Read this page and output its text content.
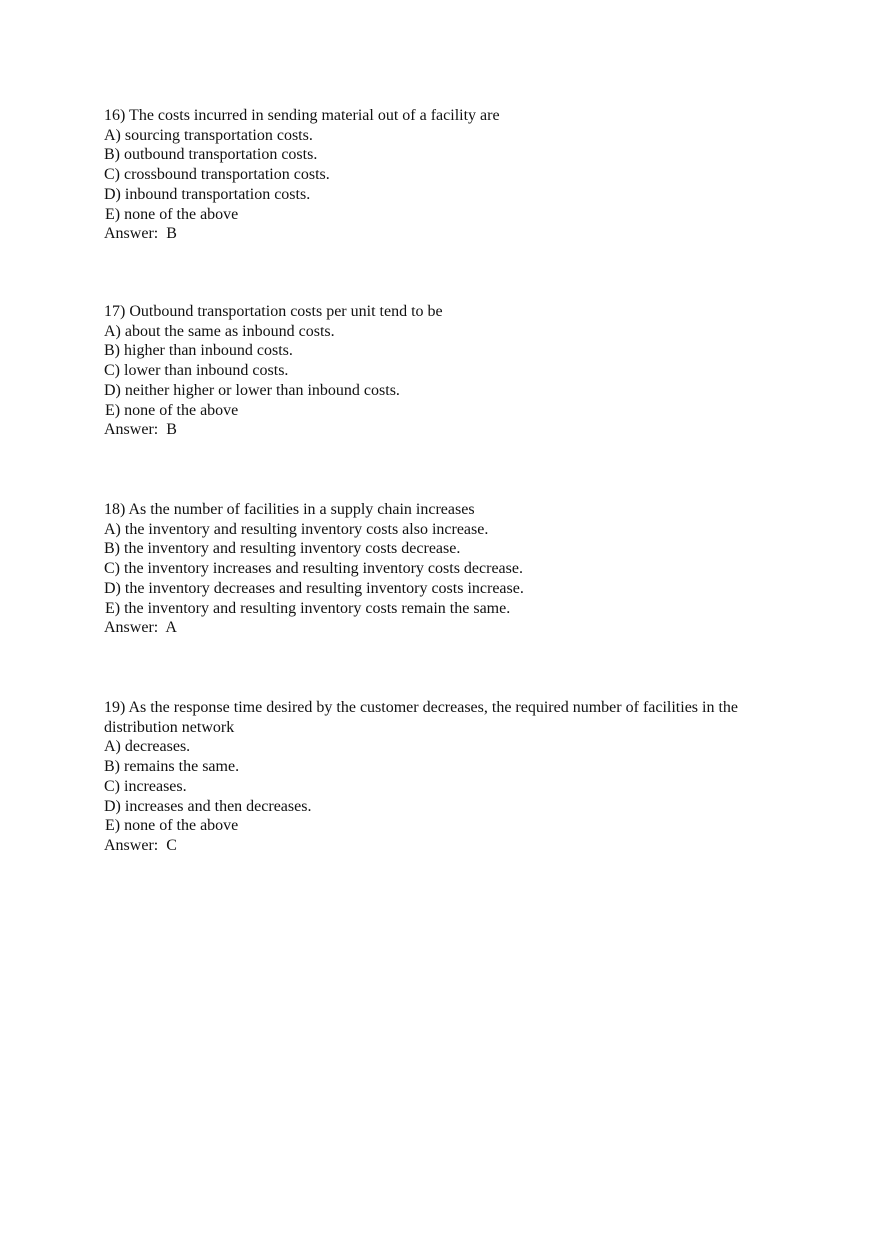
16) The costs incurred in sending material out of a facility are
A) sourcing transportation costs.
B) outbound transportation costs.
C) crossbound transportation costs.
D) inbound transportation costs.
E) none of the above
Answer:  B
17) Outbound transportation costs per unit tend to be
A) about the same as inbound costs.
B) higher than inbound costs.
C) lower than inbound costs.
D) neither higher or lower than inbound costs.
E) none of the above
Answer:  B
18) As the number of facilities in a supply chain increases
A) the inventory and resulting inventory costs also increase.
B) the inventory and resulting inventory costs decrease.
C) the inventory increases and resulting inventory costs decrease.
D) the inventory decreases and resulting inventory costs increase.
E) the inventory and resulting inventory costs remain the same.
Answer:  A
19) As the response time desired by the customer decreases, the required number of facilities in the distribution network
A) decreases.
B) remains the same.
C) increases.
D) increases and then decreases.
E) none of the above
Answer:  C
